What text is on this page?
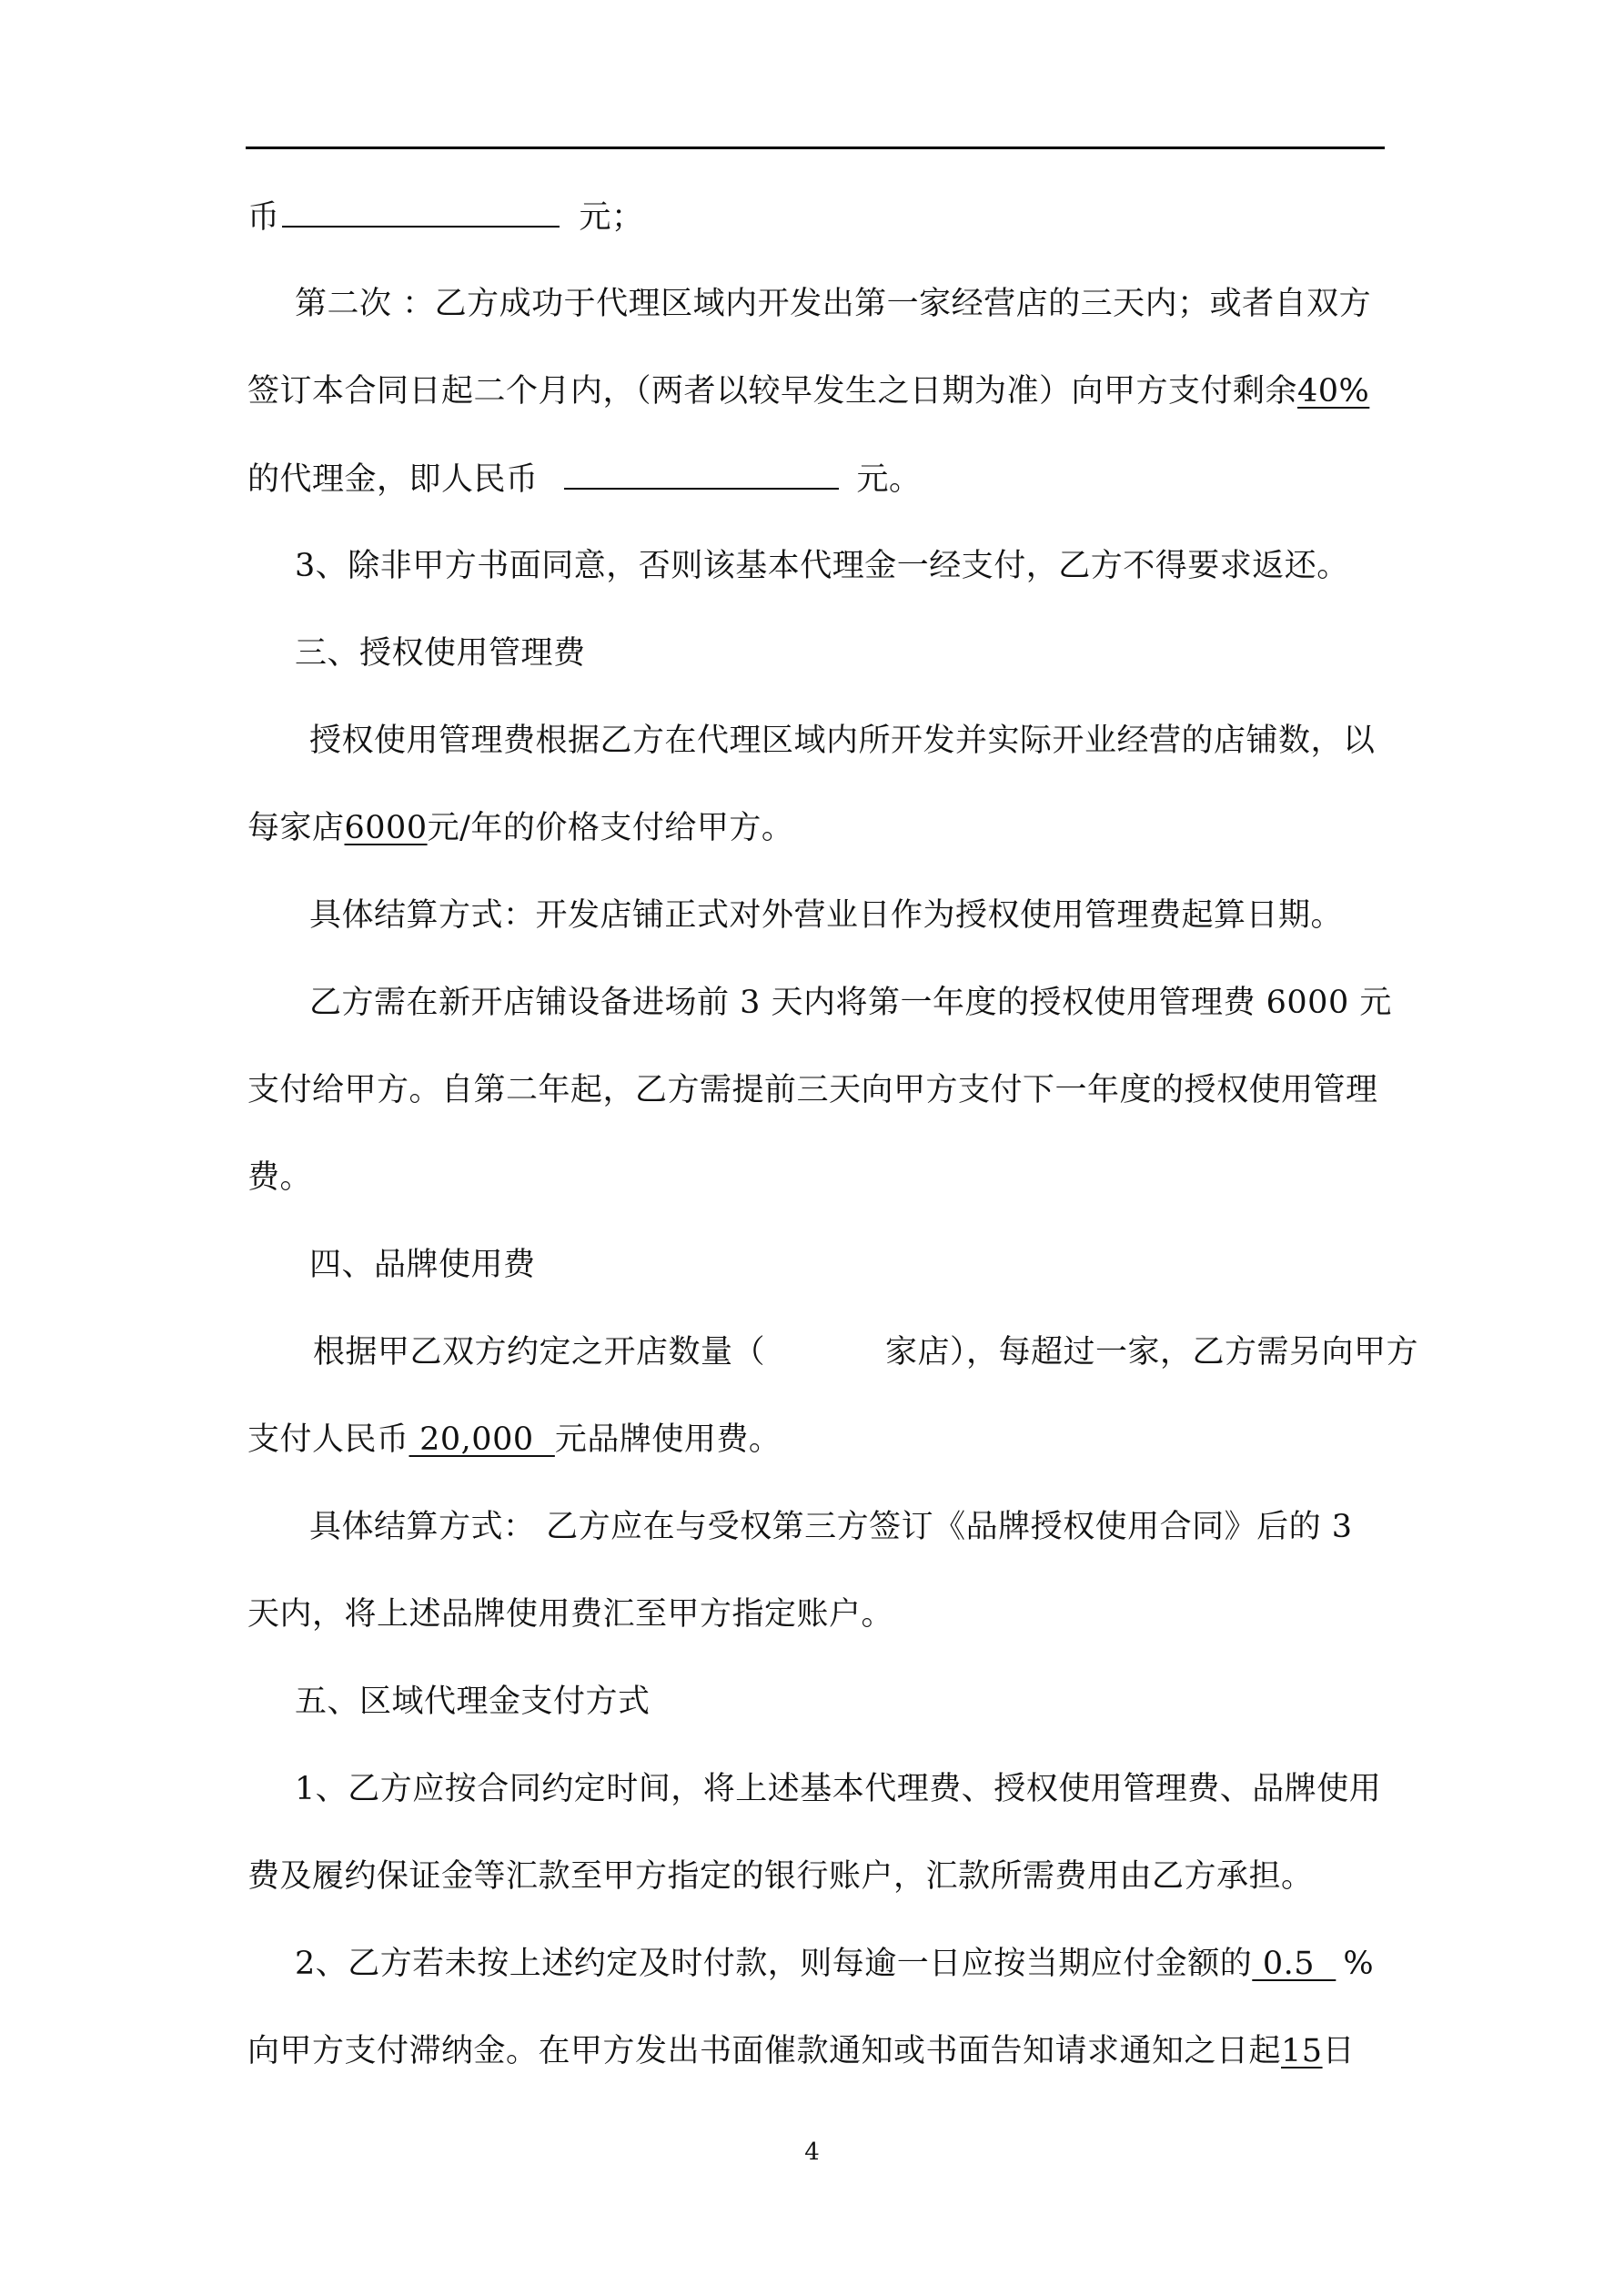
币	元；
第二次 ：乙方成功于代理区域内开发出第一家经营店的三天内；或者自双方
签订本合同日起二个月内，（两者以较早发生之日期为准）向甲方支付剩余40%
的代理金，即人民币	元。
3、除非甲方书面同意，否则该基本代理金一经支付，乙方不得要求返还。
三、授权使用管理费
授权使用管理费根据乙方在代理区域内所开发并实际开业经营的店铺数，以
每家店6000元/年的价格支付给甲方。
具体结算方式：开发店铺正式对外营业日作为授权使用管理费起算日期。
乙方需在新开店铺设备进场前 3 天内将第一年度的授权使用管理费 6000 元
支付给甲方。自第二年起，乙方需提前三天向甲方支付下一年度的授权使用管理
费。
四、品牌使用费
根据甲乙双方约定之开店数量（	家店），每超过一家，乙方需另向甲方
支付人民币 20,000  元品牌使用费。
具体结算方式： 乙方应在与受权第三方签订《品牌授权使用合同》后的 3
天内，将上述品牌使用费汇至甲方指定账户。
五、区域代理金支付方式
1、乙方应按合同约定时间，将上述基本代理费、授权使用管理费、品牌使用
费及履约保证金等汇款至甲方指定的银行账户，汇款所需费用由乙方承担。
2、乙方若未按上述约定及时付款，则每逾一日应按当期应付金额的 0.5  %
向甲方支付滞纳金。在甲方发出书面催款通知或书面告知请求通知之日起15日
4
